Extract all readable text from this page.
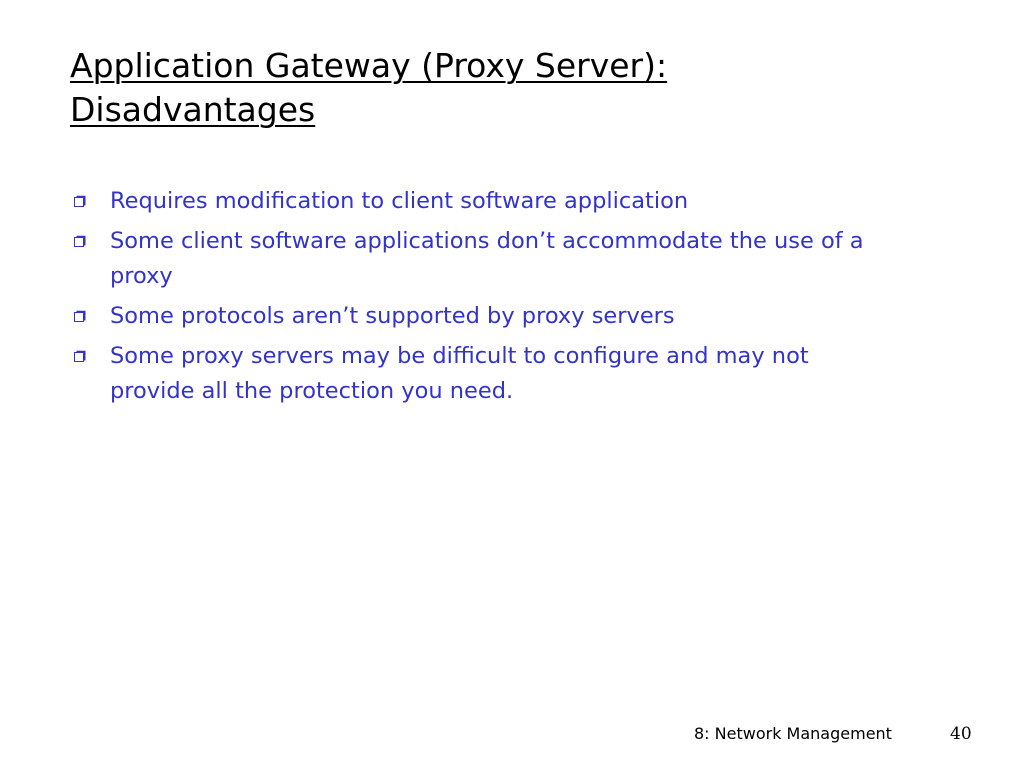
Application Gateway (Proxy Server):
Disadvantages
Requires modification to client software application
Some client software applications don’t accommodate the use of a proxy
Some protocols aren’t supported by proxy servers
Some proxy servers may be difficult to configure and may not provide all the protection you need.
8: Network Management	40
